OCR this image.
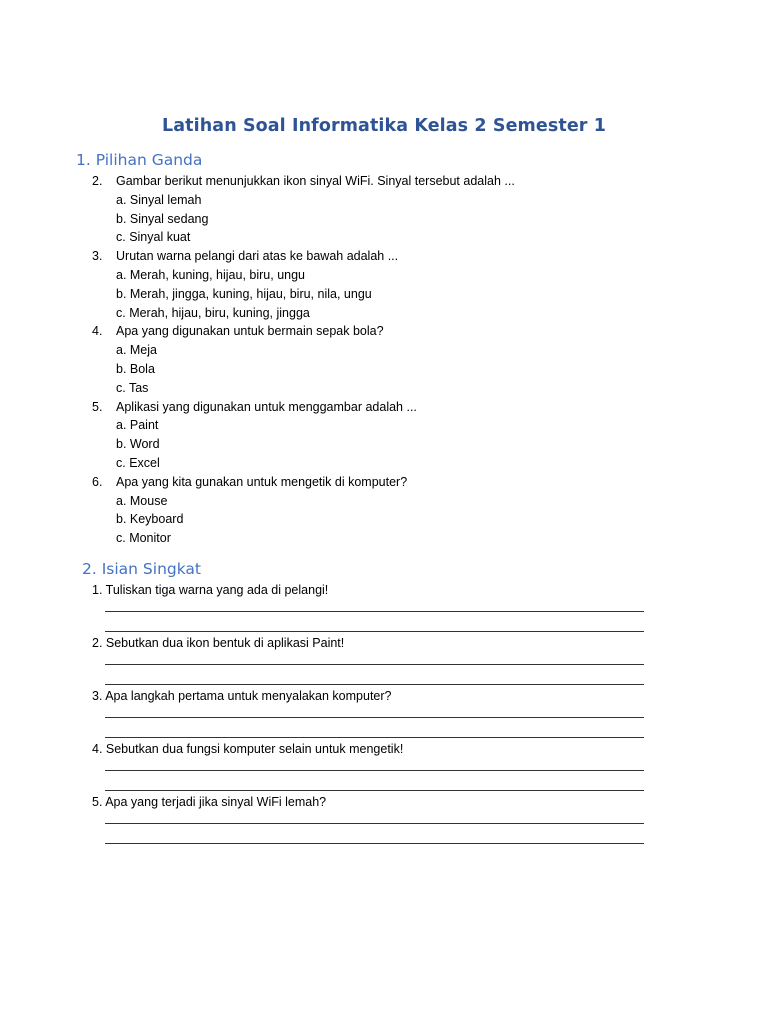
Latihan Soal Informatika Kelas 2 Semester 1
1. Pilihan Ganda
2. Gambar berikut menunjukkan ikon sinyal WiFi. Sinyal tersebut adalah ...
a. Sinyal lemah
b. Sinyal sedang
c. Sinyal kuat
3. Urutan warna pelangi dari atas ke bawah adalah ...
a. Merah, kuning, hijau, biru, ungu
b. Merah, jingga, kuning, hijau, biru, nila, ungu
c. Merah, hijau, biru, kuning, jingga
4. Apa yang digunakan untuk bermain sepak bola?
a. Meja
b. Bola
c. Tas
5. Aplikasi yang digunakan untuk menggambar adalah ...
a. Paint
b. Word
c. Excel
6. Apa yang kita gunakan untuk mengetik di komputer?
a. Mouse
b. Keyboard
c. Monitor
2. Isian Singkat
1. Tuliskan tiga warna yang ada di pelangi!
2. Sebutkan dua ikon bentuk di aplikasi Paint!
3. Apa langkah pertama untuk menyalakan komputer?
4. Sebutkan dua fungsi komputer selain untuk mengetik!
5. Apa yang terjadi jika sinyal WiFi lemah?
